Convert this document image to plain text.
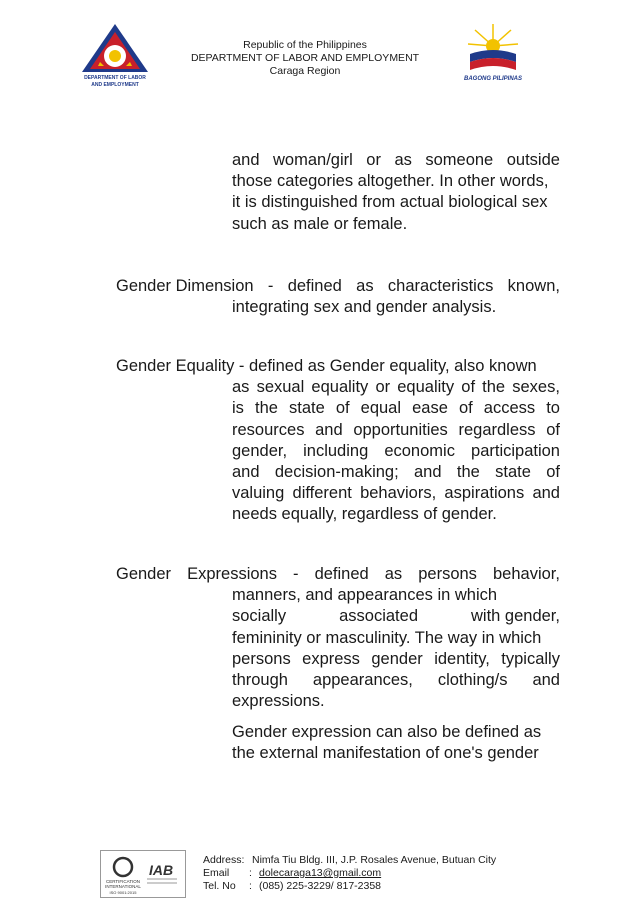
DEPARTMENT OF LABOR
AND EMPLOYMENT
Republic of the Philippines
DEPARTMENT OF LABOR AND EMPLOYMENT
Caraga Region
BAGONG PILIPINAS
and woman/girl or as someone outside
those categories altogether. In other words,
it is distinguished from actual biological sex
such as male or female.
Gender Dimension - defined as characteristics known,
integrating sex and gender analysis.
Gender Equality - defined as Gender equality, also known
as sexual equality or equality of the sexes,
is the state of equal ease of access to
resources and opportunities regardless of
gender, including economic participation
and decision-making; and the state of
valuing different behaviors, aspirations and
needs equally, regardless of gender.
Gender Expressions - defined as persons behavior,
manners, and appearances in which
socially	associated	with gender,
femininity or masculinity. The way in which
persons express gender identity, typically
through appearances, clothing/s and
expressions.
Gender expression can also be defined as
the external manifestation of one's gender
CERTIFICATION
INTERNATIONAL
ISO 9001:2015
IAB
Address: Nimfa Tiu Bldg. III, J.P. Rosales Avenue, Butuan City
Email	: dolecaraga13@gmail.com
Tel. No	: (085) 225-3229/ 817-2358
